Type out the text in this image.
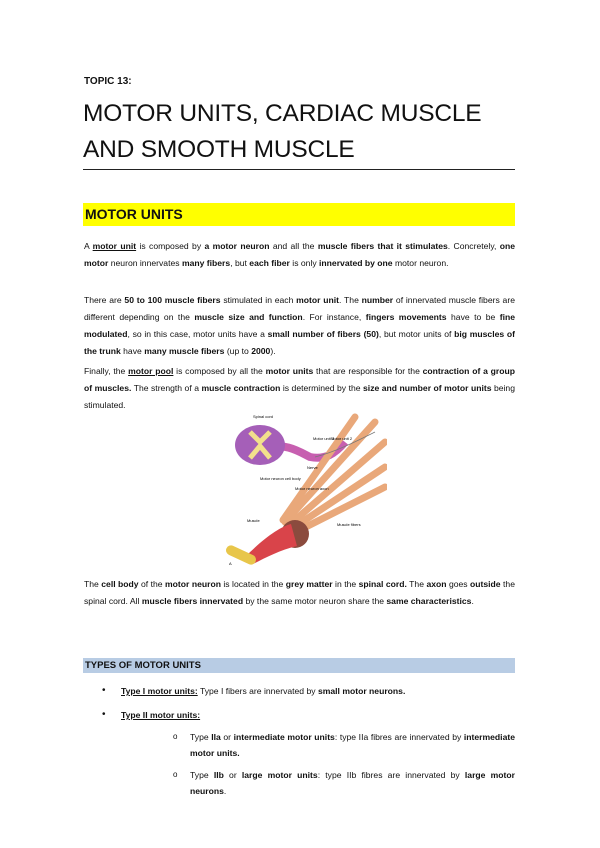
TOPIC 13:
MOTOR UNITS, CARDIAC MUSCLE AND SMOOTH MUSCLE
MOTOR UNITS
A motor unit is composed by a motor neuron and all the muscle fibers that it stimulates. Concretely, one motor neuron innervates many fibers, but each fiber is only innervated by one motor neuron.
There are 50 to 100 muscle fibers stimulated in each motor unit. The number of innervated muscle fibers are different depending on the muscle size and function. For instance, fingers movements have to be fine modulated, so in this case, motor units have a small number of fibers (50), but motor units of big muscles of the trunk have many muscle fibers (up to 2000).
Finally, the motor pool is composed by all the motor units that are responsible for the contraction of a group of muscles. The strength of a muscle contraction is determined by the size and number of motor units being stimulated.
Spinal cord
Motor unit 1
Motor unit 2
Nerve
Motor neuron cell body
Motor neuron axon
Muscle
Muscle fibers
A
The cell body of the motor neuron is located in the grey matter in the spinal cord. The axon goes outside the spinal cord. All muscle fibers innervated by the same motor neuron share the same characteristics.
TYPES OF MOTOR UNITS
• Type I motor units: Type I fibers are innervated by small motor neurons.
• Type II motor units:
o Type IIa or intermediate motor units: type IIa fibres are innervated by intermediate motor units.
o Type IIb or large motor units: type IIb fibres are innervated by large motor neurons.
